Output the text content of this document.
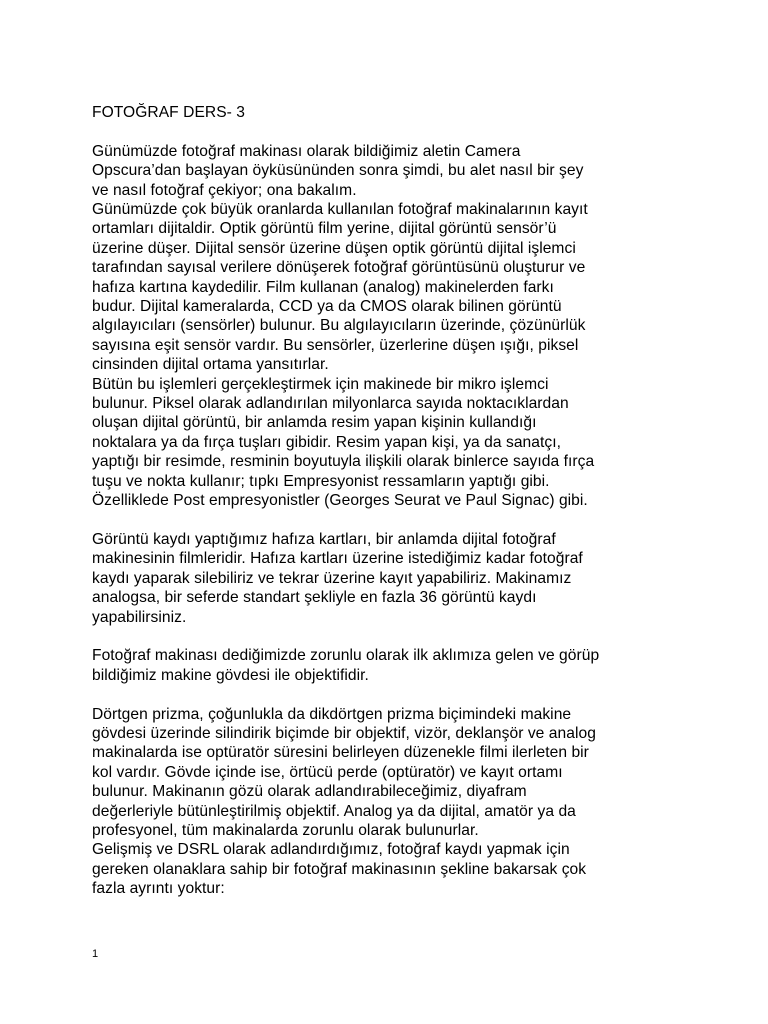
FOTOĞRAF DERS- 3
Günümüzde fotoğraf makinası olarak bildiğimiz aletin Camera
Opscura’dan başlayan öyküsününden sonra şimdi, bu alet nasıl bir şey
ve nasıl fotoğraf çekiyor; ona bakalım.
Günümüzde çok büyük oranlarda kullanılan fotoğraf makinalarının kayıt
ortamları dijitaldir. Optik görüntü film yerine, dijital görüntü sensör’ü
üzerine düşer. Dijital sensör üzerine düşen optik görüntü dijital işlemci
tarafından sayısal verilere dönüşerek fotoğraf görüntüsünü oluşturur ve
hafıza kartına kaydedilir. Film kullanan (analog) makinelerden farkı
budur. Dijital kameralarda, CCD ya da CMOS olarak bilinen görüntü
algılayıcıları (sensörler) bulunur. Bu algılayıcıların üzerinde, çözünürlük
sayısına eşit sensör vardır. Bu sensörler, üzerlerine düşen ışığı, piksel
cinsinden dijital ortama yansıtırlar.
Bütün bu işlemleri gerçekleştirmek için makinede bir mikro işlemci
bulunur. Piksel olarak adlandırılan milyonlarca sayıda noktacıklardan
oluşan dijital görüntü, bir anlamda resim yapan kişinin kullandığı
noktalara ya da fırça tuşları gibidir. Resim yapan kişi, ya da sanatçı,
yaptığı bir resimde, resminin boyutuyla ilişkili olarak binlerce sayıda fırça
tuşu ve nokta kullanır; tıpkı Empresyonist ressamların yaptığı gibi.
Özelliklede Post empresyonistler (Georges Seurat ve Paul Signac) gibi.
Görüntü kaydı yaptığımız hafıza kartları, bir anlamda dijital fotoğraf
makinesinin filmleridir. Hafıza kartları üzerine istediğimiz kadar fotoğraf
kaydı yaparak silebiliriz ve tekrar üzerine kayıt yapabiliriz. Makinamız
analogsa, bir seferde standart şekliyle en fazla 36 görüntü kaydı
yapabilirsiniz.
Fotoğraf makinası dediğimizde zorunlu olarak ilk aklımıza gelen ve görüp
bildiğimiz makine gövdesi ile objektifidir.
Dörtgen prizma, çoğunlukla da dikdörtgen prizma biçimindeki makine
gövdesi üzerinde silindirik biçimde bir objektif, vizör, deklanşör ve analog
makinalarda ise optüratör süresini belirleyen düzenekle filmi ilerleten bir
kol vardır. Gövde içinde ise, örtücü perde (optüratör) ve kayıt ortamı
bulunur. Makinanın gözü olarak adlandırabileceğimiz, diyafram
değerleriyle bütünleştirilmiş objektif. Analog ya da dijital, amatör ya da
profesyonel, tüm makinalarda zorunlu olarak bulunurlar.
Gelişmiş ve DSRL olarak adlandırdığımız, fotoğraf kaydı yapmak için
gereken olanaklara sahip bir fotoğraf makinasının şekline bakarsak çok
fazla ayrıntı yoktur:
1
